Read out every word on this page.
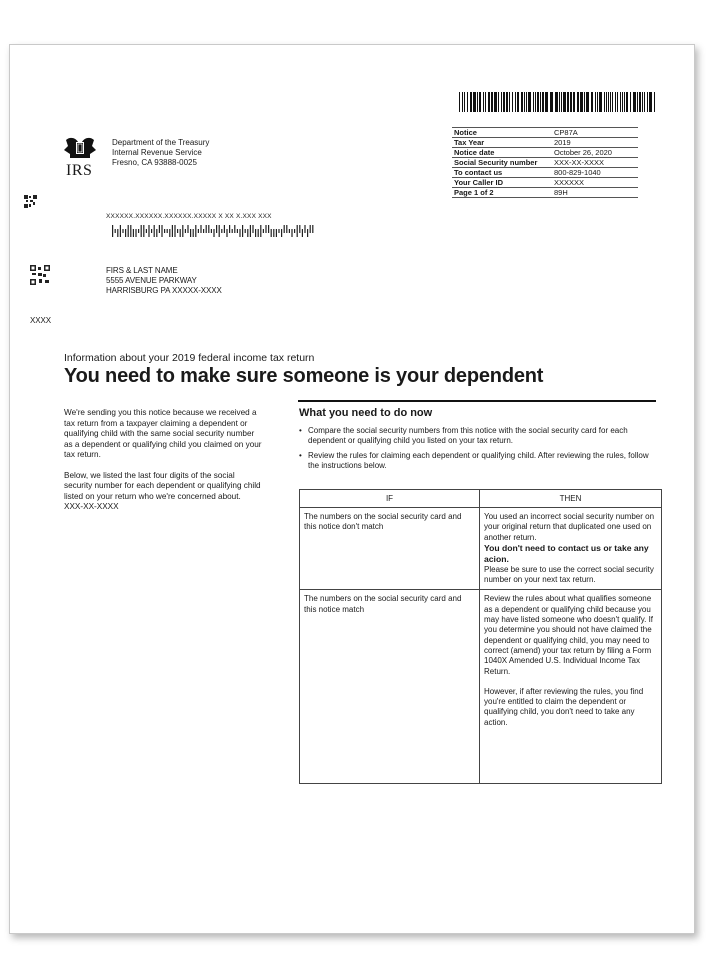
Notice	CP87A
Tax Year	2019
Notice date	October 26, 2020
Social Security number	XXX-XX-XXXX
To contact us	800-829-1040
Your Caller ID	XXXXXX
Page 1 of 2	89H
IRS
Department of the Treasury
Internal Revenue Service
Fresno, CA 93888-0025
XXXXXX.XXXXXX.XXXXXX.XXXXX X XX X.XXX XXX
FIRS & LAST NAME
5555 AVENUE PARKWAY
HARRISBURG PA XXXXX-XXXX
XXXX
Information about your 2019 federal income tax return
You need to make sure someone is your dependent

We're sending you this notice because we received a tax return from a taxpayer claiming a dependent or qualifying child with the same social security number as a dependent or qualifying child you claimed on your tax return.

Below, we listed the last four digits of the social security number for each dependent or qualifying child listed on your return who we're concerned about.

XXX-XX-XXXX

What you need to do now
• Compare the social security numbers from this notice with the social security card for each dependent or qualifying child you listed on your tax return.
• Review the rules for claiming each dependent or qualifying child. After reviewing the rules, follow the instructions below.
IF	THEN
The numbers on the social security card and this notice don't match	You used an incorrect social security number on your original return that duplicated one used on another return.

You don't need to contact us or take any acion.

Please be sure to use the correct social security number on your next tax return.

The numbers on the social security card and this notice match	Review the rules about what qualifies someone as a dependent or qualifying child because you may have listed someone who doesn't qualify. If you determine you should not have claimed the dependent or qualifying child, you may need to correct (amend) your tax return by filing a Form 1040X Amended U.S. Individual Income Tax Return.

However, if after reviewing the rules, you find you're entitled to claim the dependent or qualifying child, you don't need to take any action.
